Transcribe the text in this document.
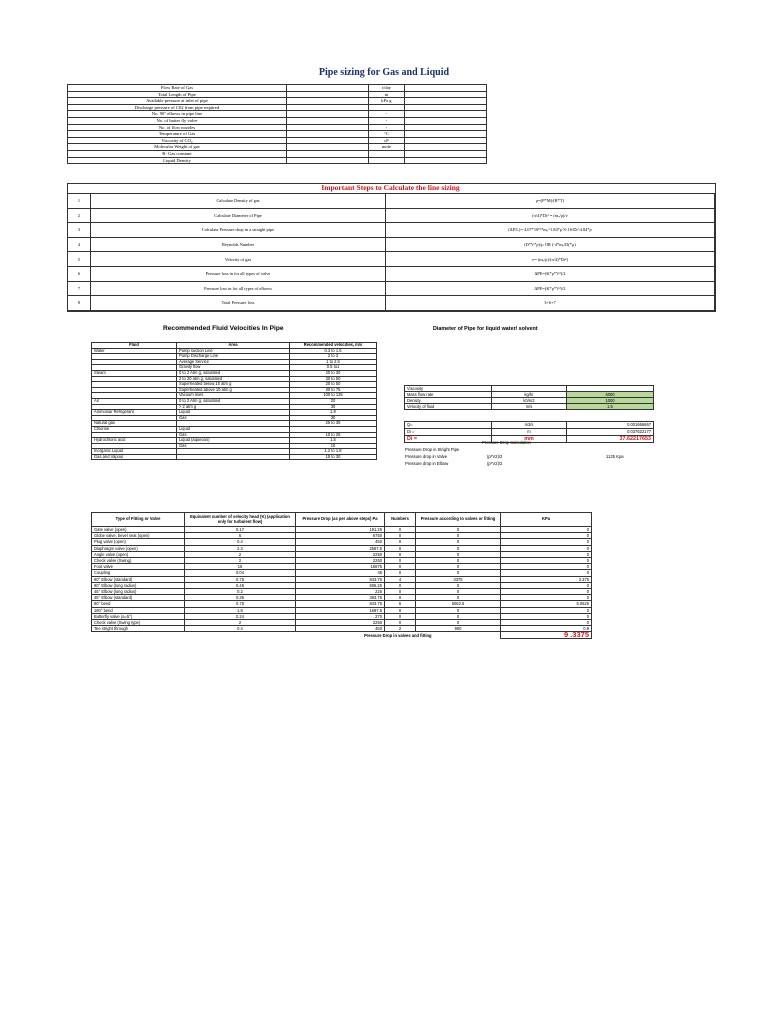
Pipe sizing for Gas and Liquid
Flow Rate of Gas		t/day	
Total Length of Pipe		m	
Available pressure at inlet of pipe		kPa g	
Discharge pressure of C02 from pipe required			
No. 90° elbows in pipe line		-	
No. of butter fly valve		-	
No. of flow nozzles		-	
Temperature of Gas		°C	
Viscosity of CO₂		cP	
Molecular Weight of gas		mole	
R- Gas constant			
Liquid Density			
Important Steps to Calculate the line sizing
1	Calculate Density of gas	ρ=(P*M)/(R*T)
2	Calculate Diameter of Pipe	(π/4)*Di² = (mₒ/ρ)/v
3	Calculate Pressure drop in a straight pipe	(ΔP/L)= 4.07*10¹⁵*mₒ^1.84*μ^0.16/Di^4.84*ρ
4	Reynolds Number	(D*V*ρ)/μ OR (-4*mₒ/D(*μ)
5	Velocity of gas	v= (mₒ/ρ)/(π/4)*Di²)
6	Pressure loss in for all types of valve	ΔPE=(K*ρ*V²)/2
7	Pressure loss in for all types of elbows	ΔPE=(K*ρ*V²)/2
8	Total Pressure loss	3+6+7
Recommended Fluid Velocities In Pipe	Diameter of Pipe for liquid water/ solvent
Fluid	Area	Recommended velocities, m/s
Water	Pump suction Line	0.3 to 1.5
	Pump Discharge Line	2 to 3
	Average Service	1 to 2.5
	Gravity flow	0.5 to1
Steam	0 to 2 Atm g, saturated	20 to 30
	2 to 20 atm g, saturated	30 to 50
	Superheated below 10 atm g	20 to 50
	Superheated above 10 atm g	30 to 75
	Vacuum lines	100 to 125
Air	0 to 2 Atm g, saturated	20
	> 2 atm g	30
Ammonia/ Refrigerant	Liquid	1.8
	Gas	30
Natural gas		25 to 35
Chlorine	Liquid	
	Gas	10 to 25
Hydrochloric acid	Liquid (aqueous)	1.5
	Gas	10
Inorganic Liquid		1.2 to 1.8
Gas and Vapour		15 to 30
Viscosity		
Mass flow rate	kg/hr	6000
Density	kh/m3	1000
Velocity of fluid	m/s	1.5
Q=	m3/s	0.001666667
Di =	m	0.037622177
Di =	mm	37.62217653
Pressure Drop Calculation
Pressure Drop in Stright Pipe
Pressure drop in Valve	(p*V2)/2
Pressure drop in Elbow	(p*V2)/2
1125 Kpa
Type of Fitting or Valve	Equivalent number of velocity head (K) (application only for turbulent flow)	Pressure Drop (as per above steps) Pa	Numbers	Pressure according to valves or fitting	KPa
Gate valve (open)	0.17	191.25	0	0	0
Globe valve, bevel seat (open)	6	6750	0	0	0
Plug valve (open)	0.4	450	0	0	0
Diaphragm valve (open)	2.3	2587.5	0	0	0
Angle valve (open)	2	2250	0	0	0
Check valve (Swing)	2	2250	0	0	0
Foot valve	15	16875	0	0	0
Coupling	0.04	45	0	0	0
90° Elbow (standard)	0.75	843.75	4	3375	3.375
90° Elbow (long radius)	0.45	506.25	0	0	0
45° Elbow (long radius)	0.2	225	0	0	0
45° Elbow (standard)	0.35	393.75	0	0	0
90° bend	0.75	843.75	6	5062.5	5.0625
180° bend	1.5	1687.5	0	0	0
Butterfly valve (a=5°)	0.24	270	0	0	0
Check valve (Swing type)	2	2250	0	0	0
Tee stright through	0.4	450	2	900	0.9
		Pressure Drop in valves and fitting			9 .3375
